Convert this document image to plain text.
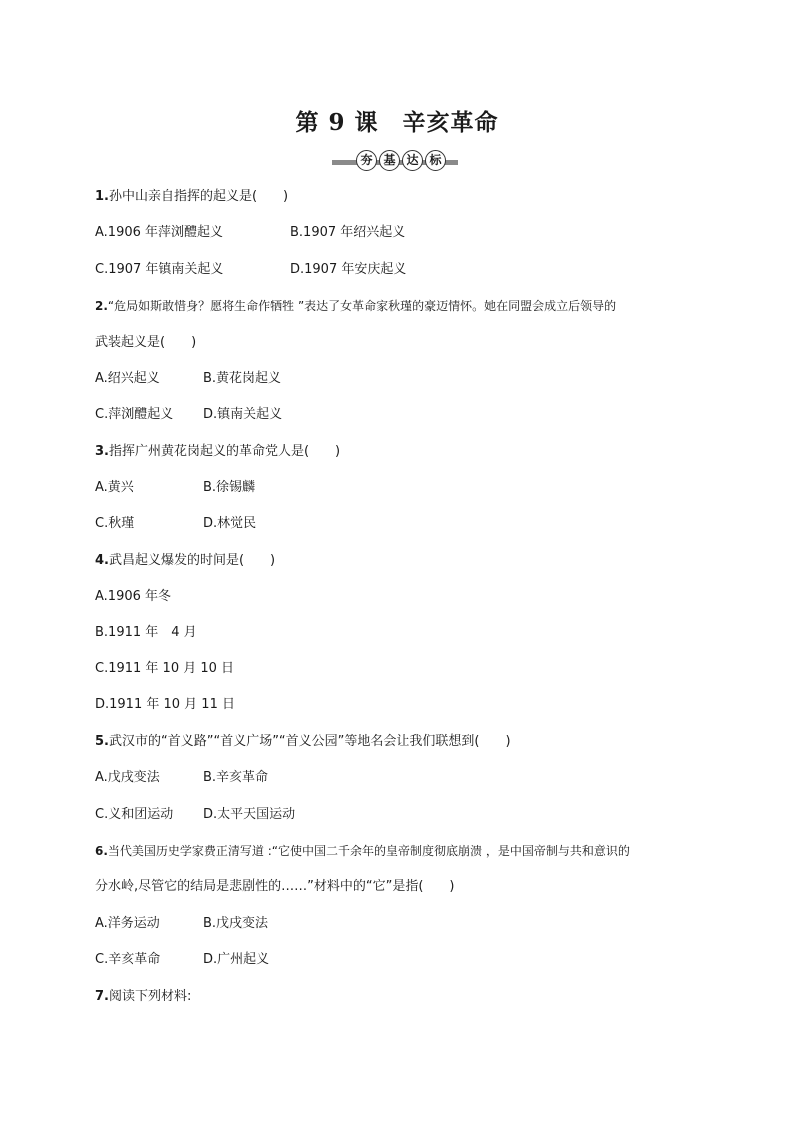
第 9 课　辛亥革命
夯 基 达 标
1.孙中山亲自指挥的起义是(　　)
A.1906 年萍浏醴起义	B.1907 年绍兴起义
C.1907 年镇南关起义	D.1907 年安庆起义
2.“危局如斯敢惜身？愿将生命作牺牲 ”表达了女革命家秋瑾的豪迈情怀。她在同盟会成立后领导的
武装起义是(　　)
A.绍兴起义	B.黄花岗起义
C.萍浏醴起义 D.镇南关起义
3.指挥广州黄花岗起义的革命党人是(　　)
A.黄兴	B.徐锡麟
C.秋瑾	D.林觉民
4.武昌起义爆发的时间是(　　)
A.1906 年冬
B.1911 年　4 月
C.1911 年 10 月 10 日
D.1911 年 10 月 11 日
5.武汉市的“首义路”“首义广场”“首义公园”等地名会让我们联想到(　　)
A.戊戌变法	B.辛亥革命
C.义和团运动 D.太平天国运动
6.当代美国历史学家费正清写道 :“它使中国二千余年的皇帝制度彻底崩溃 ，是中国帝制与共和意识的
分水岭,尽管它的结局是悲剧性的……”材料中的“它”是指(　　)
A.洋务运动	B.戊戌变法
C.辛亥革命	D.广州起义
7.阅读下列材料:
